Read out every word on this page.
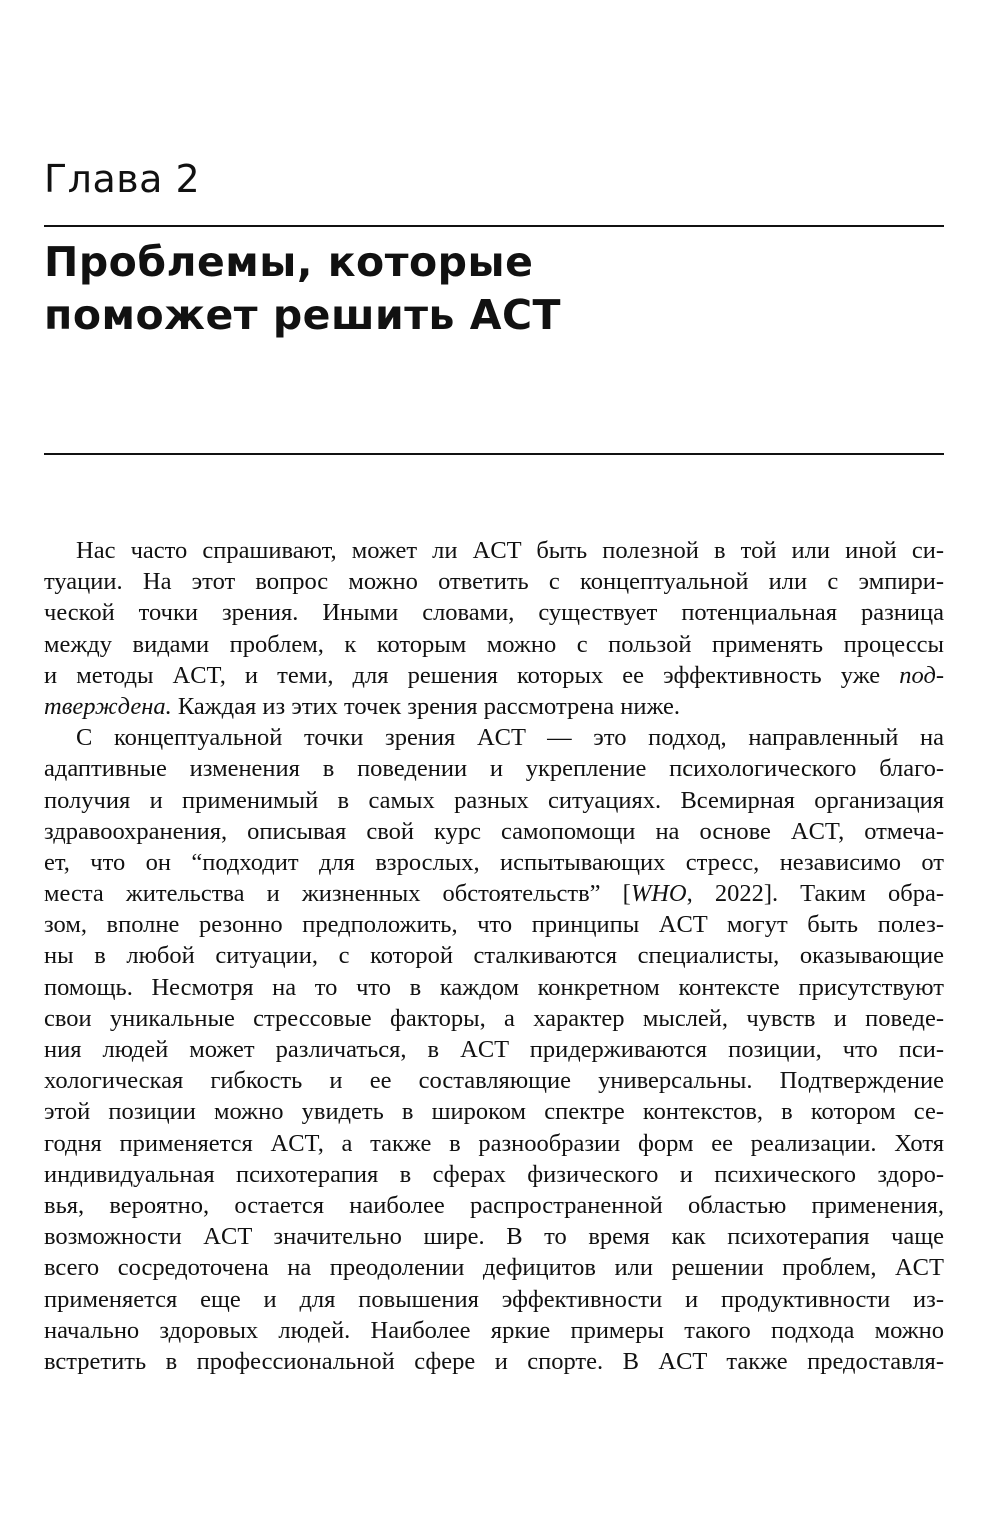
Глава 2
Проблемы, которые
поможет решить ACT
Нас часто спрашивают, может ли ACT быть полезной в той или иной си-
туации. На этот вопрос можно ответить с концептуальной или с эмпири-
ческой точки зрения. Иными словами, существует потенциальная разница
между видами проблем, к которым можно с пользой применять процессы
и методы ACT, и теми, для решения которых ее эффективность уже под-
тверждена. Каждая из этих точек зрения рассмотрена ниже.
С концептуальной точки зрения ACT — это подход, направленный на
адаптивные изменения в поведении и укрепление психологического благо-
получия и применимый в самых разных ситуациях. Всемирная организация
здравоохранения, описывая свой курс самопомощи на основе ACT, отмеча-
ет, что он “подходит для взрослых, испытывающих стресс, независимо от
места жительства и жизненных обстоятельств” [WHO, 2022]. Таким обра-
зом, вполне резонно предположить, что принципы ACT могут быть полез-
ны в любой ситуации, с которой сталкиваются специалисты, оказывающие
помощь. Несмотря на то что в каждом конкретном контексте присутствуют
свои уникальные стрессовые факторы, а характер мыслей, чувств и поведе-
ния людей может различаться, в ACT придерживаются позиции, что пси-
хологическая гибкость и ее составляющие универсальны. Подтверждение
этой позиции можно увидеть в широком спектре контекстов, в котором се-
годня применяется ACT, а также в разнообразии форм ее реализации. Хотя
индивидуальная психотерапия в сферах физического и психического здоро-
вья, вероятно, остается наиболее распространенной областью применения,
возможности ACT значительно шире. В то время как психотерапия чаще
всего сосредоточена на преодолении дефицитов или решении проблем, ACT
применяется еще и для повышения эффективности и продуктивности из-
начально здоровых людей. Наиболее яркие примеры такого подхода можно
встретить в профессиональной сфере и спорте. В ACT также предоставля-
